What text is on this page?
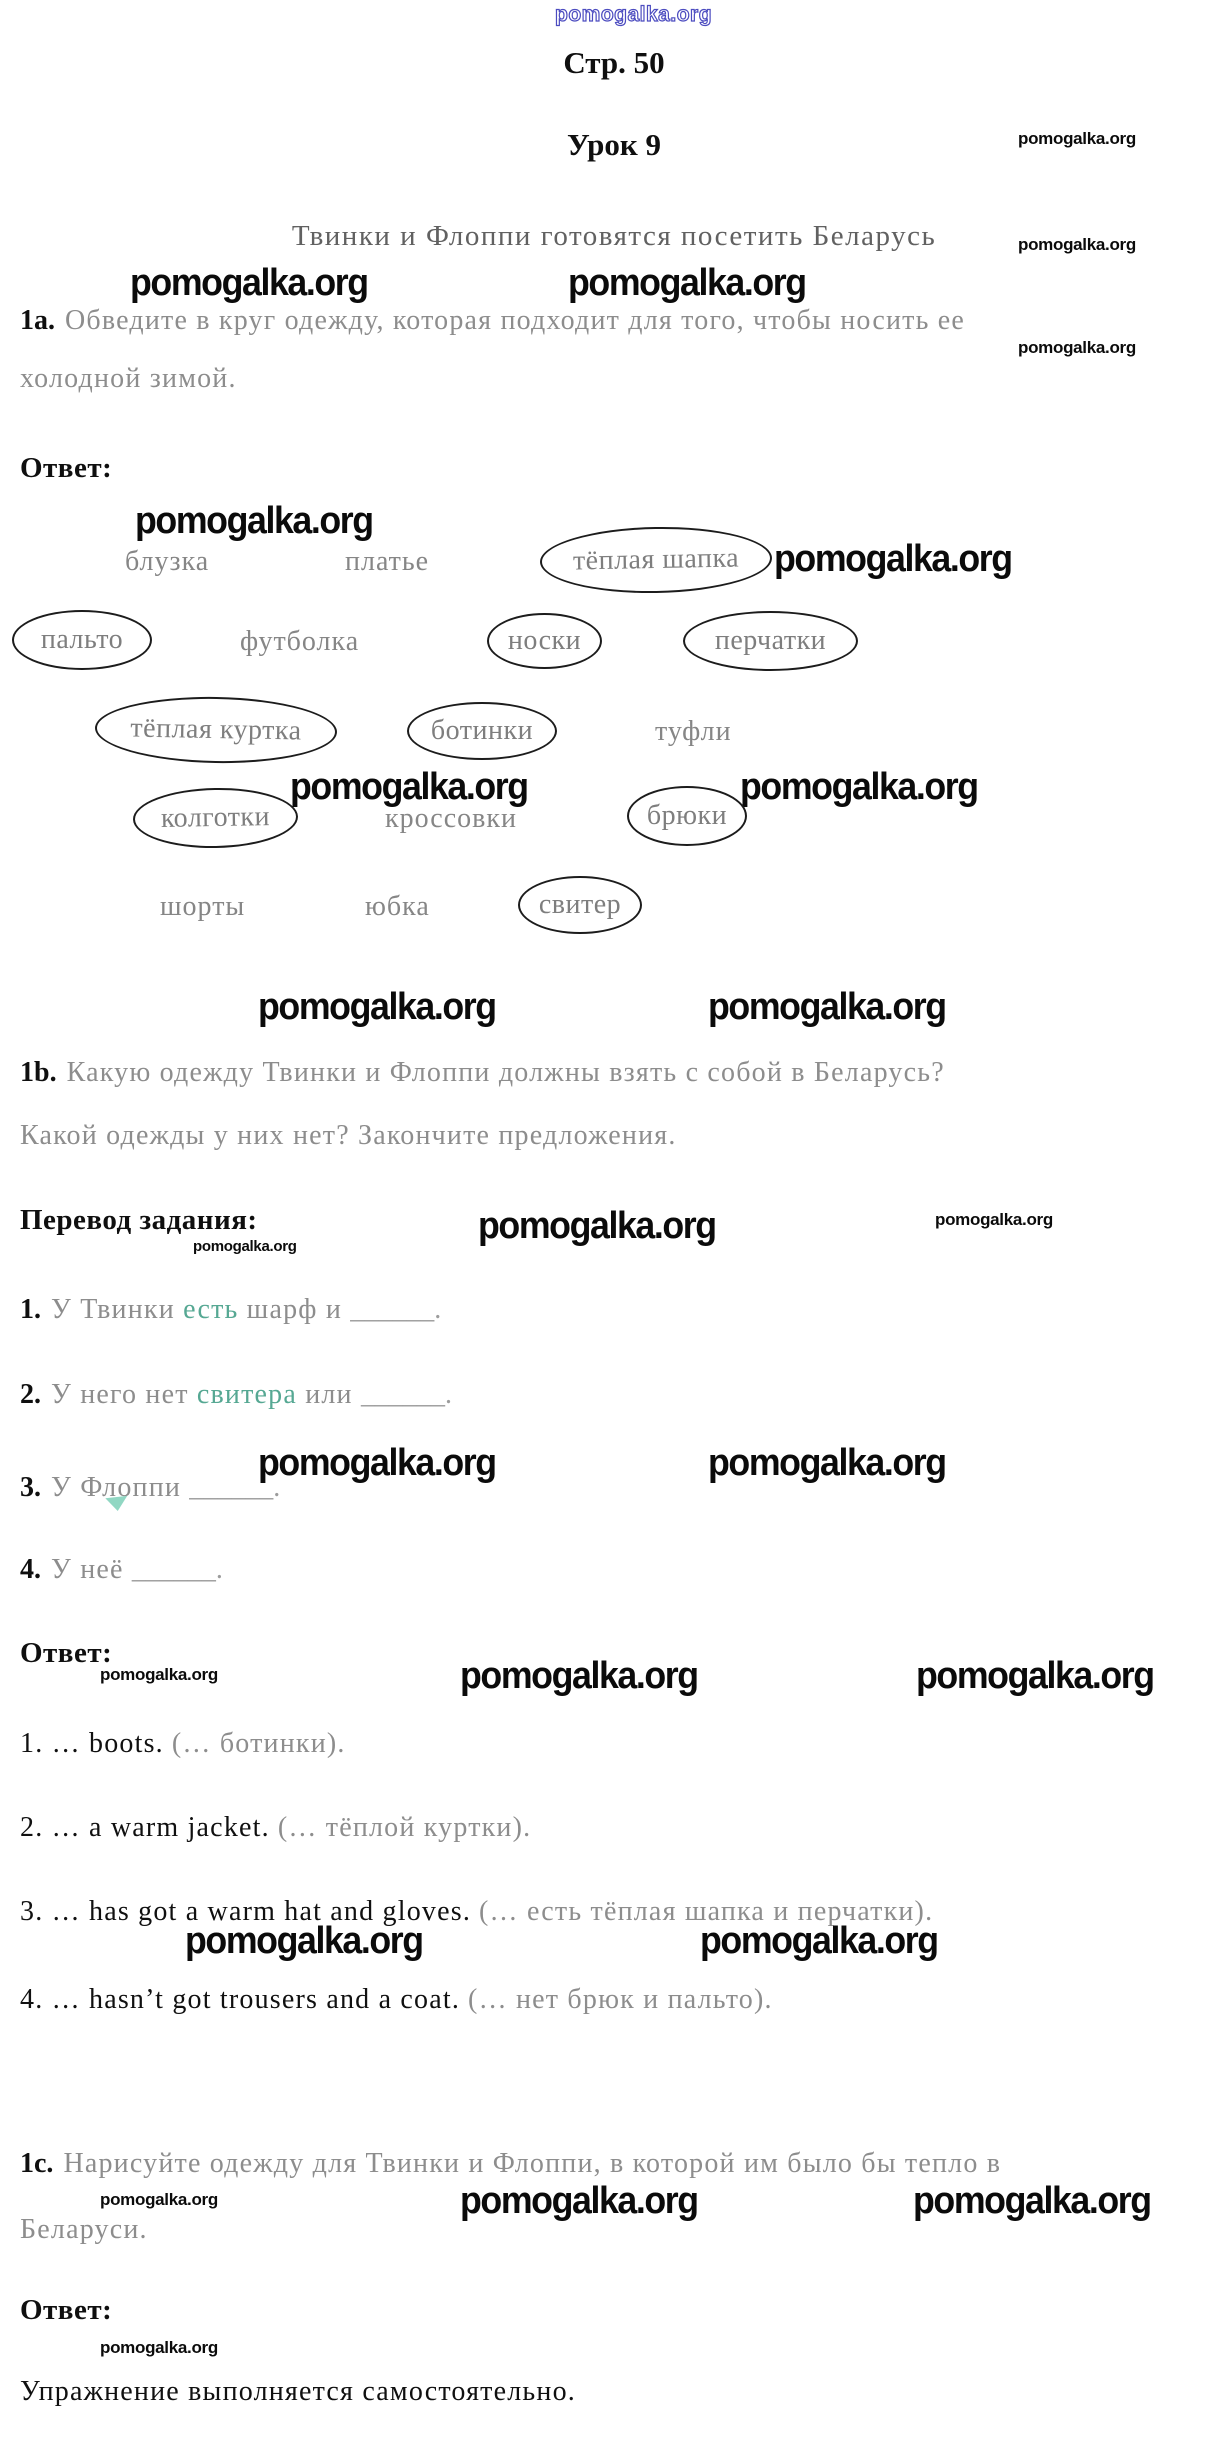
pomogalka.org
Стр. 50
Урок 9	pomogalka.org
Твинки и Флоппи готовятся посетить Беларусь	pomogalka.org
pomogalka.org	pomogalka.org
1a. Обведите в круг одежду, которая подходит для того, чтобы носить ее
pomogalka.org
холодной зимой.
Ответ:
pomogalka.org
блузка	платье	тёплая шапка pomogalka.org
пальто	футболка	носки	перчатки
тёплая куртка	ботинки	туфли
pomogalka.org	pomogalka.org
колготки	кроссовки	брюки
шорты	юбка	свитер
pomogalka.org	pomogalka.org
1b. Какую одежду Твинки и Флоппи должны взять с собой в Беларусь?
Какой одежды у них нет? Закончите предложения.
Перевод задания:	pomogalka.org	pomogalka.org
pomogalka.org
1. У Твинки есть шарф и ______.
2. У него нет свитера или ______.
pomogalka.org	pomogalka.org
3. У Флоппи ______.
4. У неё ______.
Ответ:
pomogalka.org	pomogalka.org	pomogalka.org
1. … boots. (… ботинки).
2. … a warm jacket. (… тёплой куртки).
3. … has got a warm hat and gloves. (… есть тёплая шапка и перчатки).
pomogalka.org	pomogalka.org
4. … hasn’t got trousers and a coat. (… нет брюк и пальто).
1c. Нарисуйте одежду для Твинки и Флоппи, в которой им было бы тепло в
pomogalka.org	pomogalka.org	pomogalka.org
Беларуси.
Ответ:
pomogalka.org
Упражнение выполняется самостоятельно.
